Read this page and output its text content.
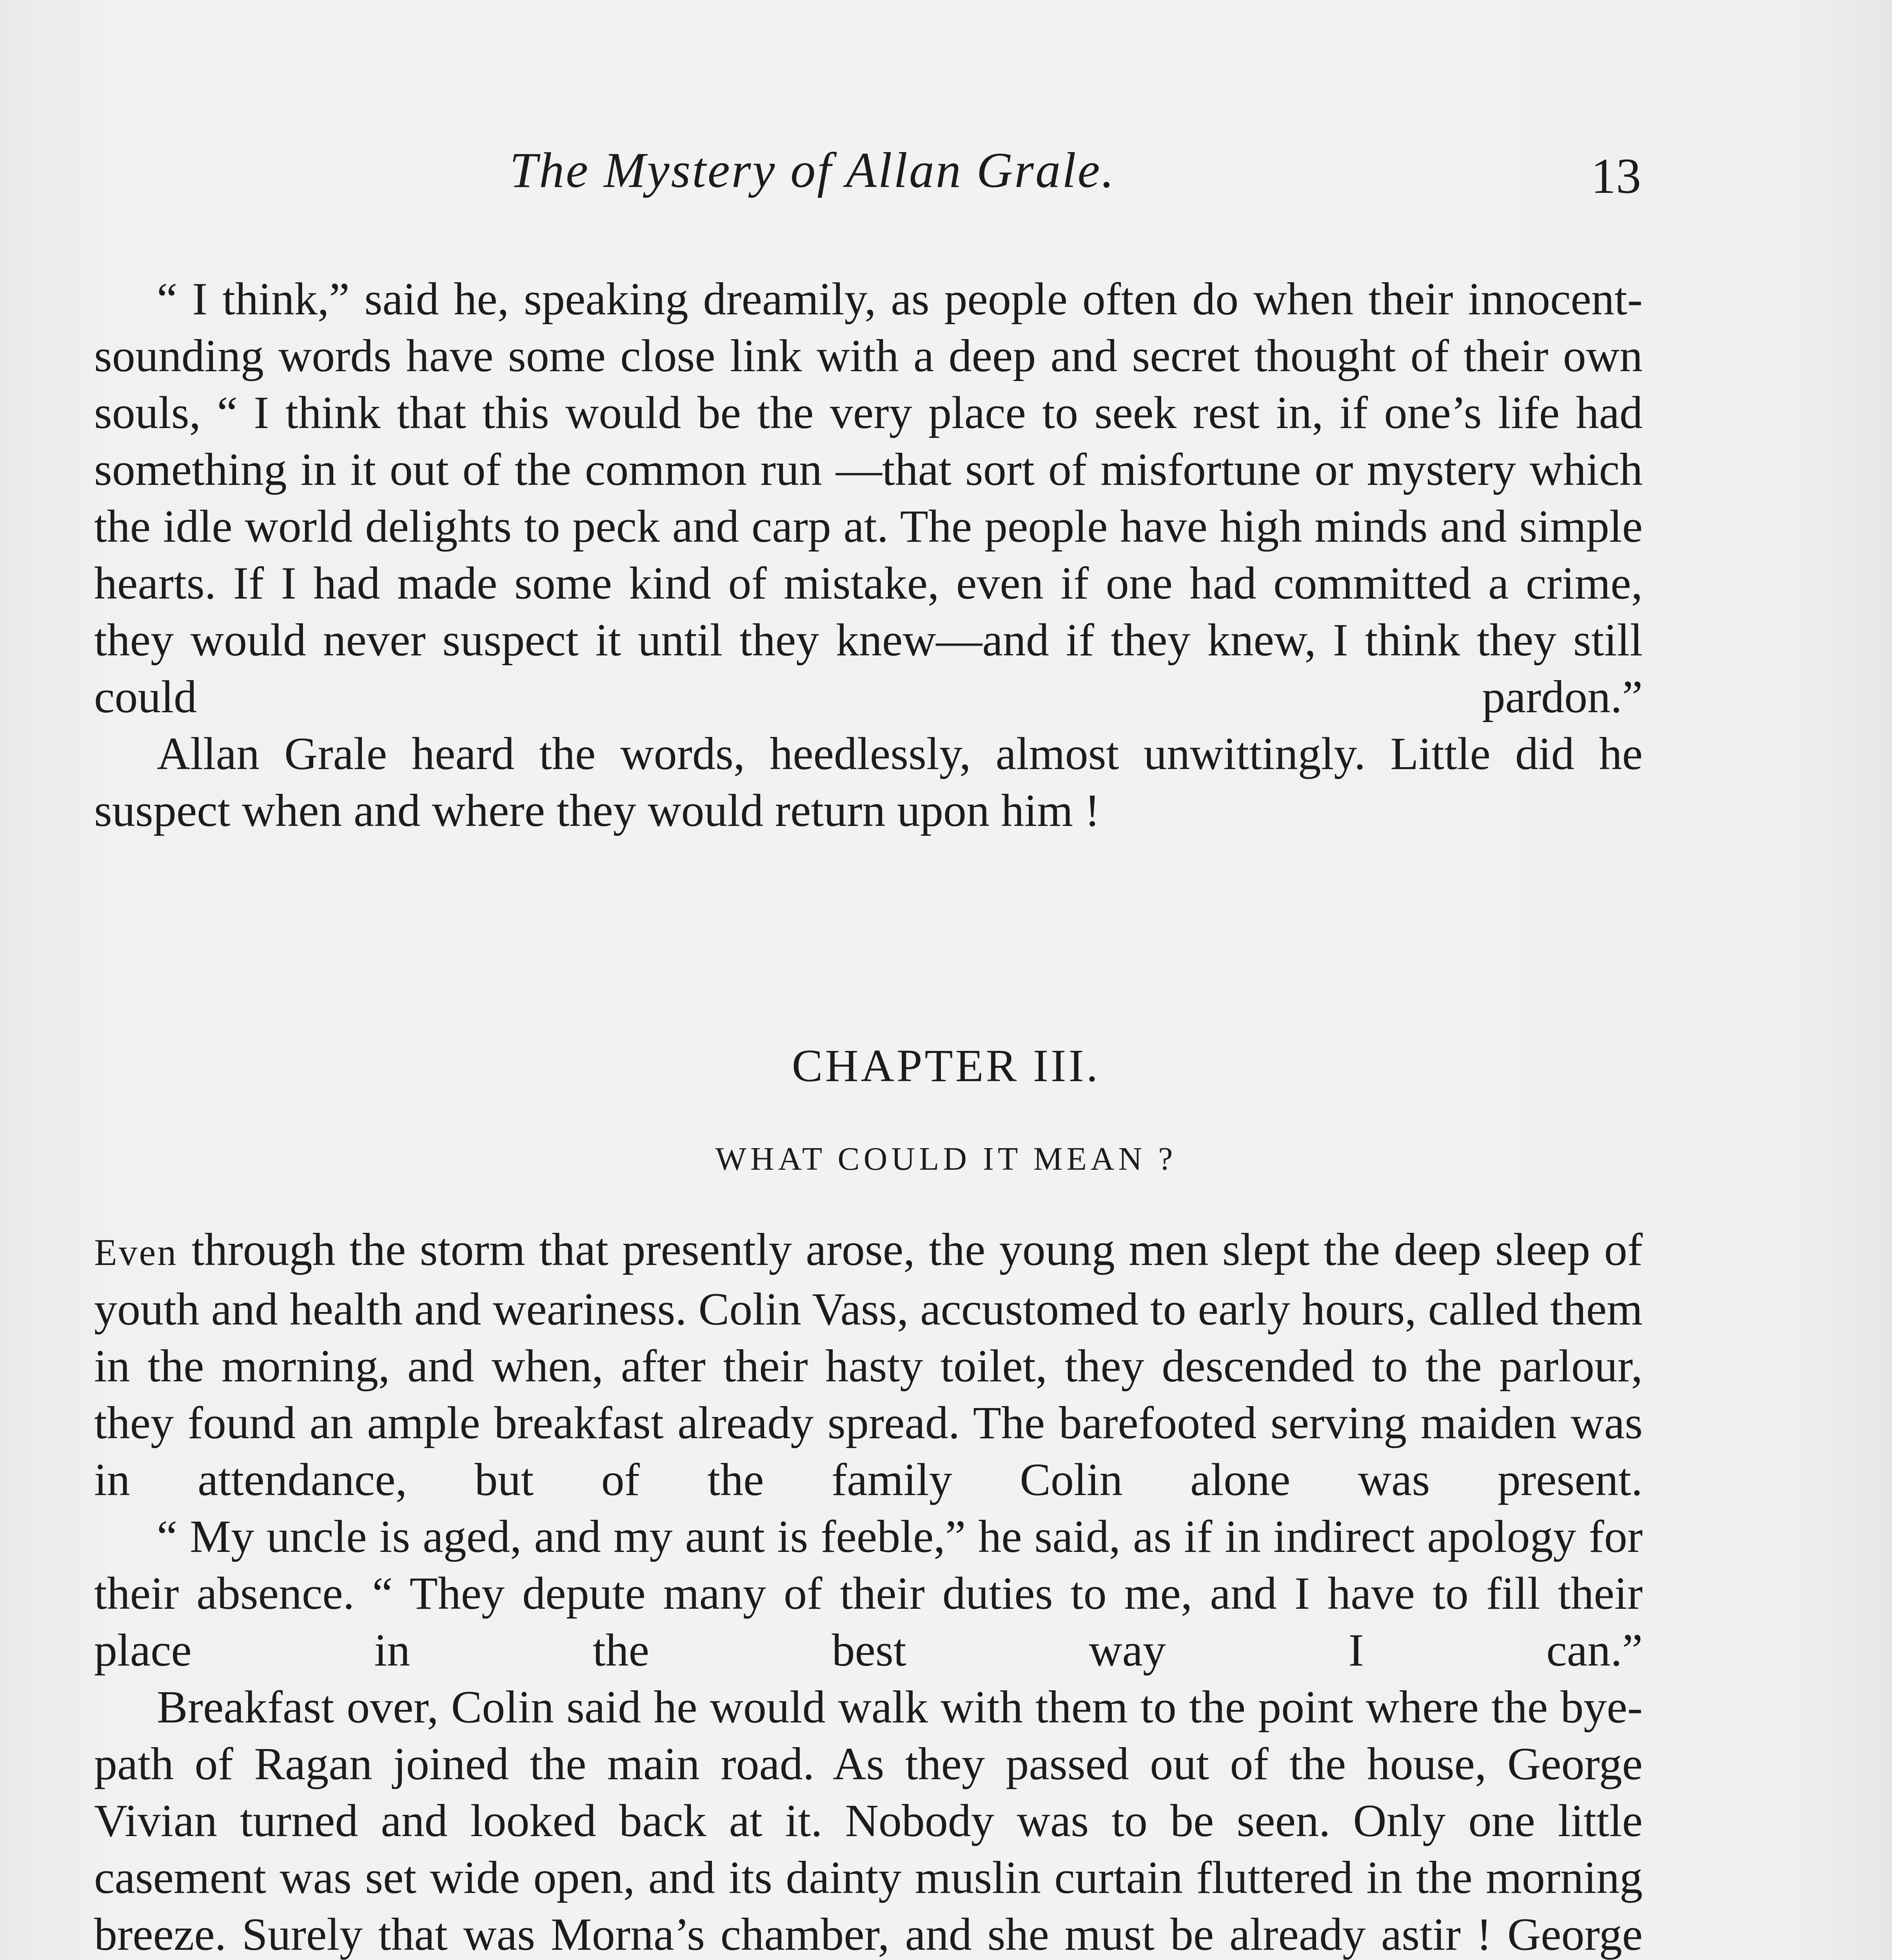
The Mystery of Allan Grale.	13

“ I think,” said he, speaking dreamily, as people often do when their innocent-sounding words have some close link with a deep and secret thought of their own souls, “ I think that this would be the very place to seek rest in, if one’s life had something in it out of the common run —that sort of misfortune or mystery which the idle world delights to peck and carp at. The people have high minds and simple hearts. If I had made some kind of mistake, even if one had committed a crime, they would never suspect it until they knew—and if they knew, I think they still could pardon.”

Allan Grale heard the words, heedlessly, almost unwittingly. Little did he suspect when and where they would return upon him !

CHAPTER III.
WHAT COULD IT MEAN ?

Even through the storm that presently arose, the young men slept the deep sleep of youth and health and weariness. Colin Vass, accustomed to early hours, called them in the morning, and when, after their hasty toilet, they descended to the parlour, they found an ample breakfast already spread. The barefooted serving maiden was in attendance, but of the family Colin alone was present.

“ My uncle is aged, and my aunt is feeble,” he said, as if in indirect apology for their absence. “ They depute many of their duties to me, and I have to fill their place in the best way I can.”

Breakfast over, Colin said he would walk with them to the point where the bye-path of Ragan joined the main road. As they passed out of the house, George Vivian turned and looked back at it. Nobody was to be seen. Only one little casement was set wide open, and its dainty muslin curtain fluttered in the morning breeze. Surely that was Morna’s chamber, and she must be already astir ! George
